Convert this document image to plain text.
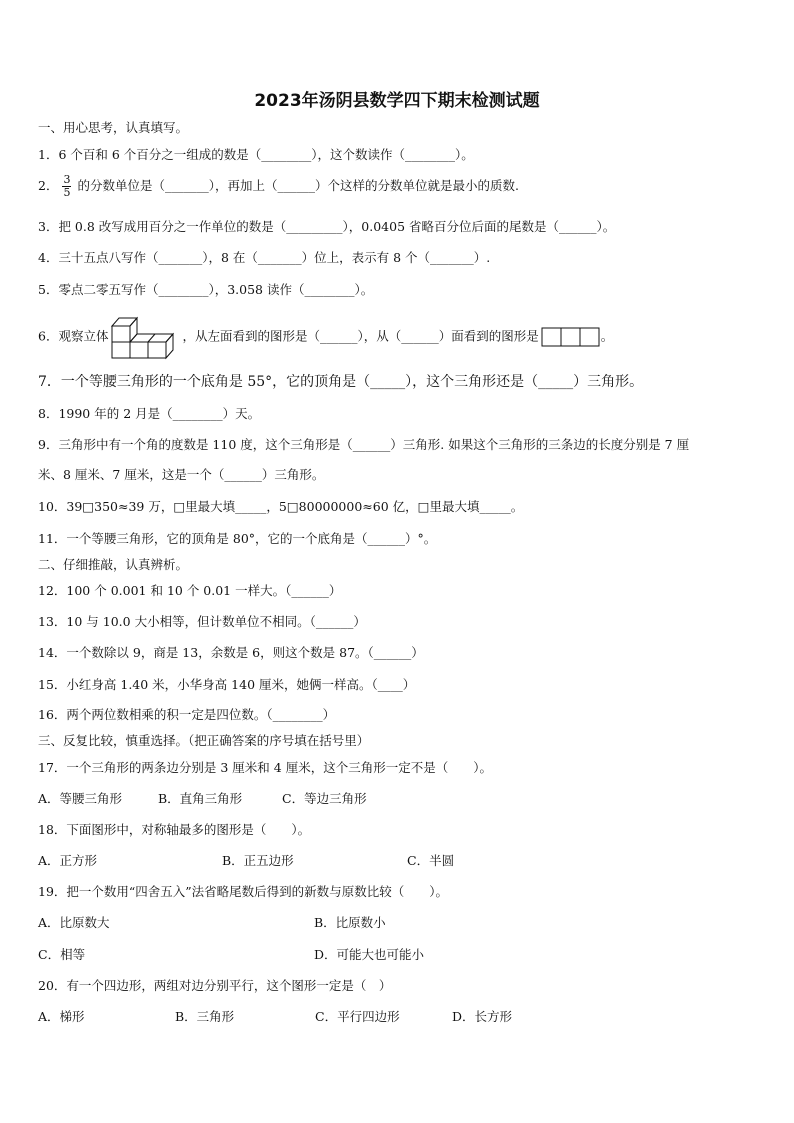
2023年汤阴县数学四下期末检测试题
一、用心思考，认真填写。
1．6 个百和 6 个百分之一组成的数是（________），这个数读作（________）。
2． $\frac{3}{5}$ 的分数单位是（_______），再加上（______）个这样的分数单位就是最小的质数.
3．把 0.8 改写成用百分之一作单位的数是（_________），0.0405 省略百分位后面的尾数是（______）。
4．三十五点八写作（_______），8 在（_______）位上，表示有 8 个（_______）.
5．零点二零五写作（________），3.058 读作（________）。
6．观察立体	，从左面看到的图形是（______），从（______）面看到的图形是	。
7．一个等腰三角形的一个底角是 55°，它的顶角是（_____），这个三角形还是（_____）三角形。
8．1990 年的 2 月是（________）天。
9．三角形中有一个角的度数是 110 度，这个三角形是（______）三角形. 如果这个三角形的三条边的长度分别是 7 厘
米、8 厘米、7 厘米，这是一个（______）三角形。
10．39□350≈39 万，□里最大填_____，5□80000000≈60 亿，□里最大填_____。
11．一个等腰三角形，它的顶角是 80°，它的一个底角是（______）°。
二、仔细推敲，认真辨析。
12．100 个 0.001 和 10 个 0.01 一样大。（______）
13．10 与 10.0 大小相等，但计数单位不相同。（______）
14．一个数除以 9，商是 13，余数是 6，则这个数是 87。（______）
15．小红身高 1.40 米，小华身高 140 厘米，她俩一样高。（____）
16．两个两位数相乘的积一定是四位数。（________）
三、反复比较，慎重选择。（把正确答案的序号填在括号里）
17．一个三角形的两条边分别是 3 厘米和 4 厘米，这个三角形一定不是（　　）。
A．等腰三角形	B．直角三角形	C．等边三角形
18．下面图形中，对称轴最多的图形是（　　）。
A．正方形	B．正五边形	C．半圆
19．把一个数用“四舍五入”法省略尾数后得到的新数与原数比较（　　）。
A．比原数大	B．比原数小
C．相等	D．可能大也可能小
20．有一个四边形，两组对边分别平行，这个图形一定是（　）
A．梯形	B．三角形	C．平行四边形	D．长方形
